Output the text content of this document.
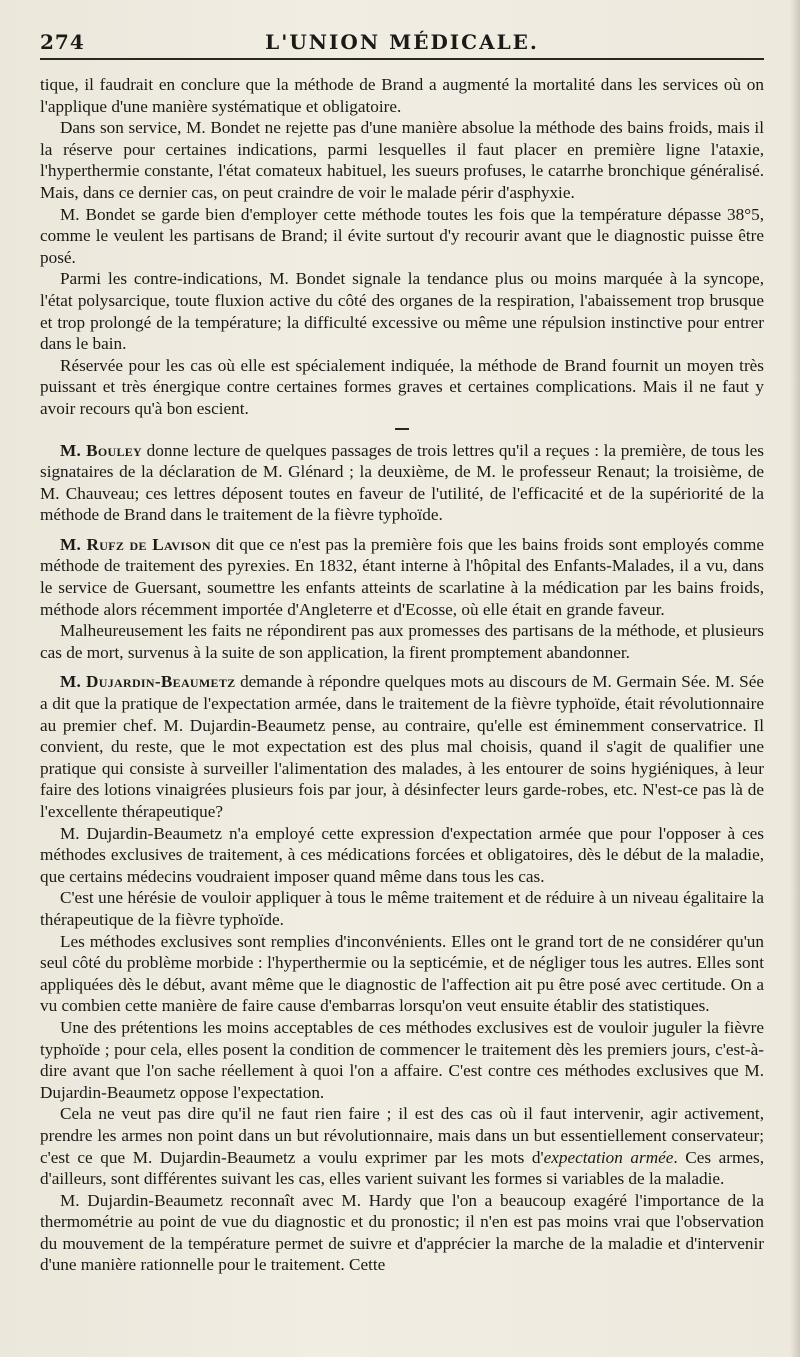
274	L'UNION MÉDICALE.

tique, il faudrait en conclure que la méthode de Brand a augmenté la mortalité dans les services où on l'applique d'une manière systématique et obligatoire.

Dans son service, M. Bondet ne rejette pas d'une manière absolue la méthode des bains froids, mais il la réserve pour certaines indications, parmi lesquelles il faut placer en première ligne l'ataxie, l'hyperthermie constante, l'état comateux habituel, les sueurs profuses, le catarrhe bronchique généralisé. Mais, dans ce dernier cas, on peut craindre de voir le malade périr d'asphyxie.

M. Bondet se garde bien d'employer cette méthode toutes les fois que la température dépasse 38°5, comme le veulent les partisans de Brand; il évite surtout d'y recourir avant que le diagnostic puisse être posé.

Parmi les contre-indications, M. Bondet signale la tendance plus ou moins marquée à la syncope, l'état polysarcique, toute fluxion active du côté des organes de la respiration, l'abaissement trop brusque et trop prolongé de la température; la difficulté excessive ou même une répulsion instinctive pour entrer dans le bain.

Réservée pour les cas où elle est spécialement indiquée, la méthode de Brand fournit un moyen très puissant et très énergique contre certaines formes graves et certaines complications. Mais il ne faut y avoir recours qu'à bon escient.

M. Bouley donne lecture de quelques passages de trois lettres qu'il a reçues : la première, de tous les signataires de la déclaration de M. Glénard ; la deuxième, de M. le professeur Renaut; la troisième, de M. Chauveau; ces lettres déposent toutes en faveur de l'utilité, de l'efficacité et de la supériorité de la méthode de Brand dans le traitement de la fièvre typhoïde.

M. Rufz de Lavison dit que ce n'est pas la première fois que les bains froids sont employés comme méthode de traitement des pyrexies. En 1832, étant interne à l'hôpital des Enfants-Malades, il a vu, dans le service de Guersant, soumettre les enfants atteints de scarlatine à la médication par les bains froids, méthode alors récemment importée d'Angleterre et d'Ecosse, où elle était en grande faveur.

Malheureusement les faits ne répondirent pas aux promesses des partisans de la méthode, et plusieurs cas de mort, survenus à la suite de son application, la firent promptement abandonner.

M. Dujardin-Beaumetz demande à répondre quelques mots au discours de M. Germain Sée. M. Sée a dit que la pratique de l'expectation armée, dans le traitement de la fièvre typhoïde, était révolutionnaire au premier chef. M. Dujardin-Beaumetz pense, au contraire, qu'elle est éminemment conservatrice. Il convient, du reste, que le mot expectation est des plus mal choisis, quand il s'agit de qualifier une pratique qui consiste à surveiller l'alimentation des malades, à les entourer de soins hygiéniques, à leur faire des lotions vinaigrées plusieurs fois par jour, à désinfecter leurs garde-robes, etc. N'est-ce pas là de l'excellente thérapeutique?

M. Dujardin-Beaumetz n'a employé cette expression d'expectation armée que pour l'opposer à ces méthodes exclusives de traitement, à ces médications forcées et obligatoires, dès le début de la maladie, que certains médecins voudraient imposer quand même dans tous les cas.

C'est une hérésie de vouloir appliquer à tous le même traitement et de réduire à un niveau égalitaire la thérapeutique de la fièvre typhoïde.

Les méthodes exclusives sont remplies d'inconvénients. Elles ont le grand tort de ne considérer qu'un seul côté du problème morbide : l'hyperthermie ou la septicémie, et de négliger tous les autres. Elles sont appliquées dès le début, avant même que le diagnostic de l'affection ait pu être posé avec certitude. On a vu combien cette manière de faire cause d'embarras lorsqu'on veut ensuite établir des statistiques.

Une des prétentions les moins acceptables de ces méthodes exclusives est de vouloir juguler la fièvre typhoïde ; pour cela, elles posent la condition de commencer le traitement dès les premiers jours, c'est-à-dire avant que l'on sache réellement à quoi l'on a affaire. C'est contre ces méthodes exclusives que M. Dujardin-Beaumetz oppose l'expectation.

Cela ne veut pas dire qu'il ne faut rien faire ; il est des cas où il faut intervenir, agir activement, prendre les armes non point dans un but révolutionnaire, mais dans un but essentiellement conservateur; c'est ce que M. Dujardin-Beaumetz a voulu exprimer par les mots d'expectation armée. Ces armes, d'ailleurs, sont différentes suivant les cas, elles varient suivant les formes si variables de la maladie.

M. Dujardin-Beaumetz reconnaît avec M. Hardy que l'on a beaucoup exagéré l'importance de la thermométrie au point de vue du diagnostic et du pronostic; il n'en est pas moins vrai que l'observation du mouvement de la température permet de suivre et d'apprécier la marche de la maladie et d'intervenir d'une manière rationnelle pour le traitement. Cette
